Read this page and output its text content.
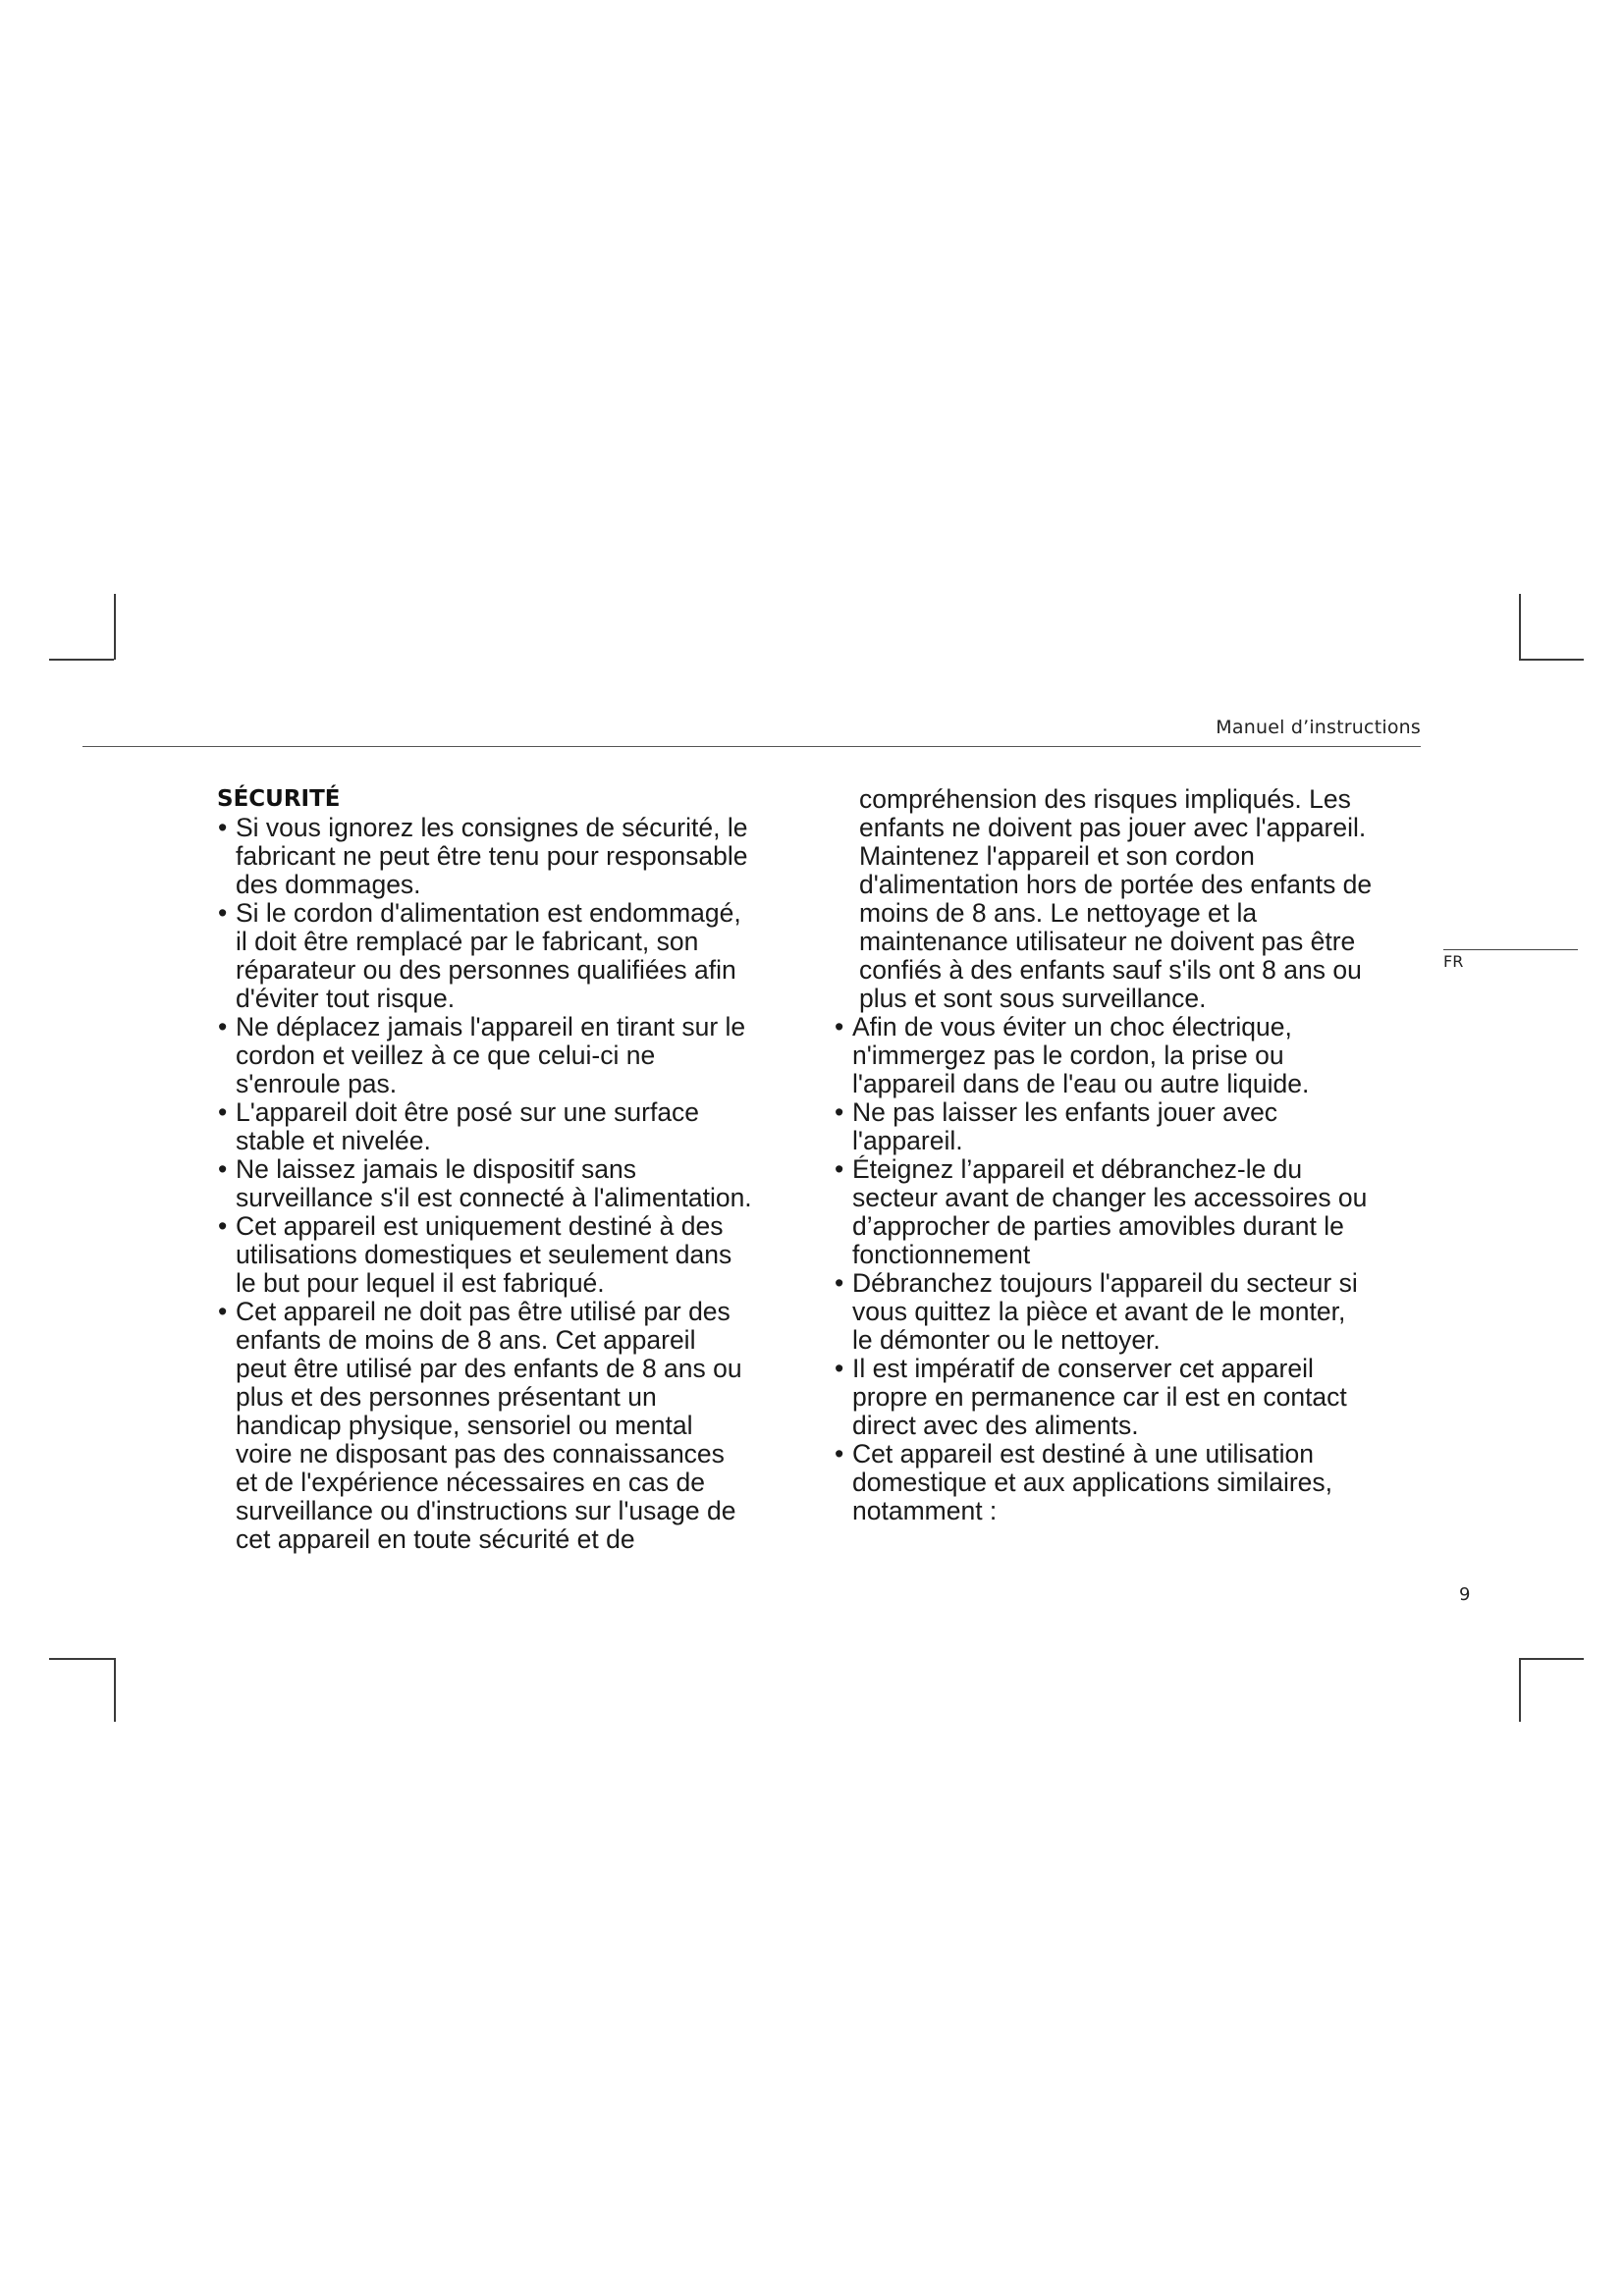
Manuel d’instructions
FR
SÉCURITÉ
• Si vous ignorez les consignes de sécurité, le
fabricant ne peut être tenu pour responsable
des dommages.
• Si le cordon d'alimentation est endommagé,
il doit être remplacé par le fabricant, son
réparateur ou des personnes qualifiées afin
d'éviter tout risque.
• Ne déplacez jamais l'appareil en tirant sur le
cordon et veillez à ce que celui-ci ne
s'enroule pas.
• L'appareil doit être posé sur une surface
stable et nivelée.
• Ne laissez jamais le dispositif sans
surveillance s'il est connecté à l'alimentation.
• Cet appareil est uniquement destiné à des
utilisations domestiques et seulement dans
le but pour lequel il est fabriqué.
• Cet appareil ne doit pas être utilisé par des
enfants de moins de 8 ans. Cet appareil
peut être utilisé par des enfants de 8 ans ou
plus et des personnes présentant un
handicap physique, sensoriel ou mental
voire ne disposant pas des connaissances
et de l'expérience nécessaires en cas de
surveillance ou d'instructions sur l'usage de
cet appareil en toute sécurité et de
compréhension des risques impliqués. Les
enfants ne doivent pas jouer avec l'appareil.
Maintenez l'appareil et son cordon
d'alimentation hors de portée des enfants de
moins de 8 ans. Le nettoyage et la
maintenance utilisateur ne doivent pas être
confiés à des enfants sauf s'ils ont 8 ans ou
plus et sont sous surveillance.
• Afin de vous éviter un choc électrique,
n'immergez pas le cordon, la prise ou
l'appareil dans de l'eau ou autre liquide.
• Ne pas laisser les enfants jouer avec
l'appareil.
• Éteignez l’appareil et débranchez-le du
secteur avant de changer les accessoires ou
d’approcher de parties amovibles durant le
fonctionnement
• Débranchez toujours l'appareil du secteur si
vous quittez la pièce et avant de le monter,
le démonter ou le nettoyer.
• Il est impératif de conserver cet appareil
propre en permanence car il est en contact
direct avec des aliments.
• Cet appareil est destiné à une utilisation
domestique et aux applications similaires,
notamment :
9
